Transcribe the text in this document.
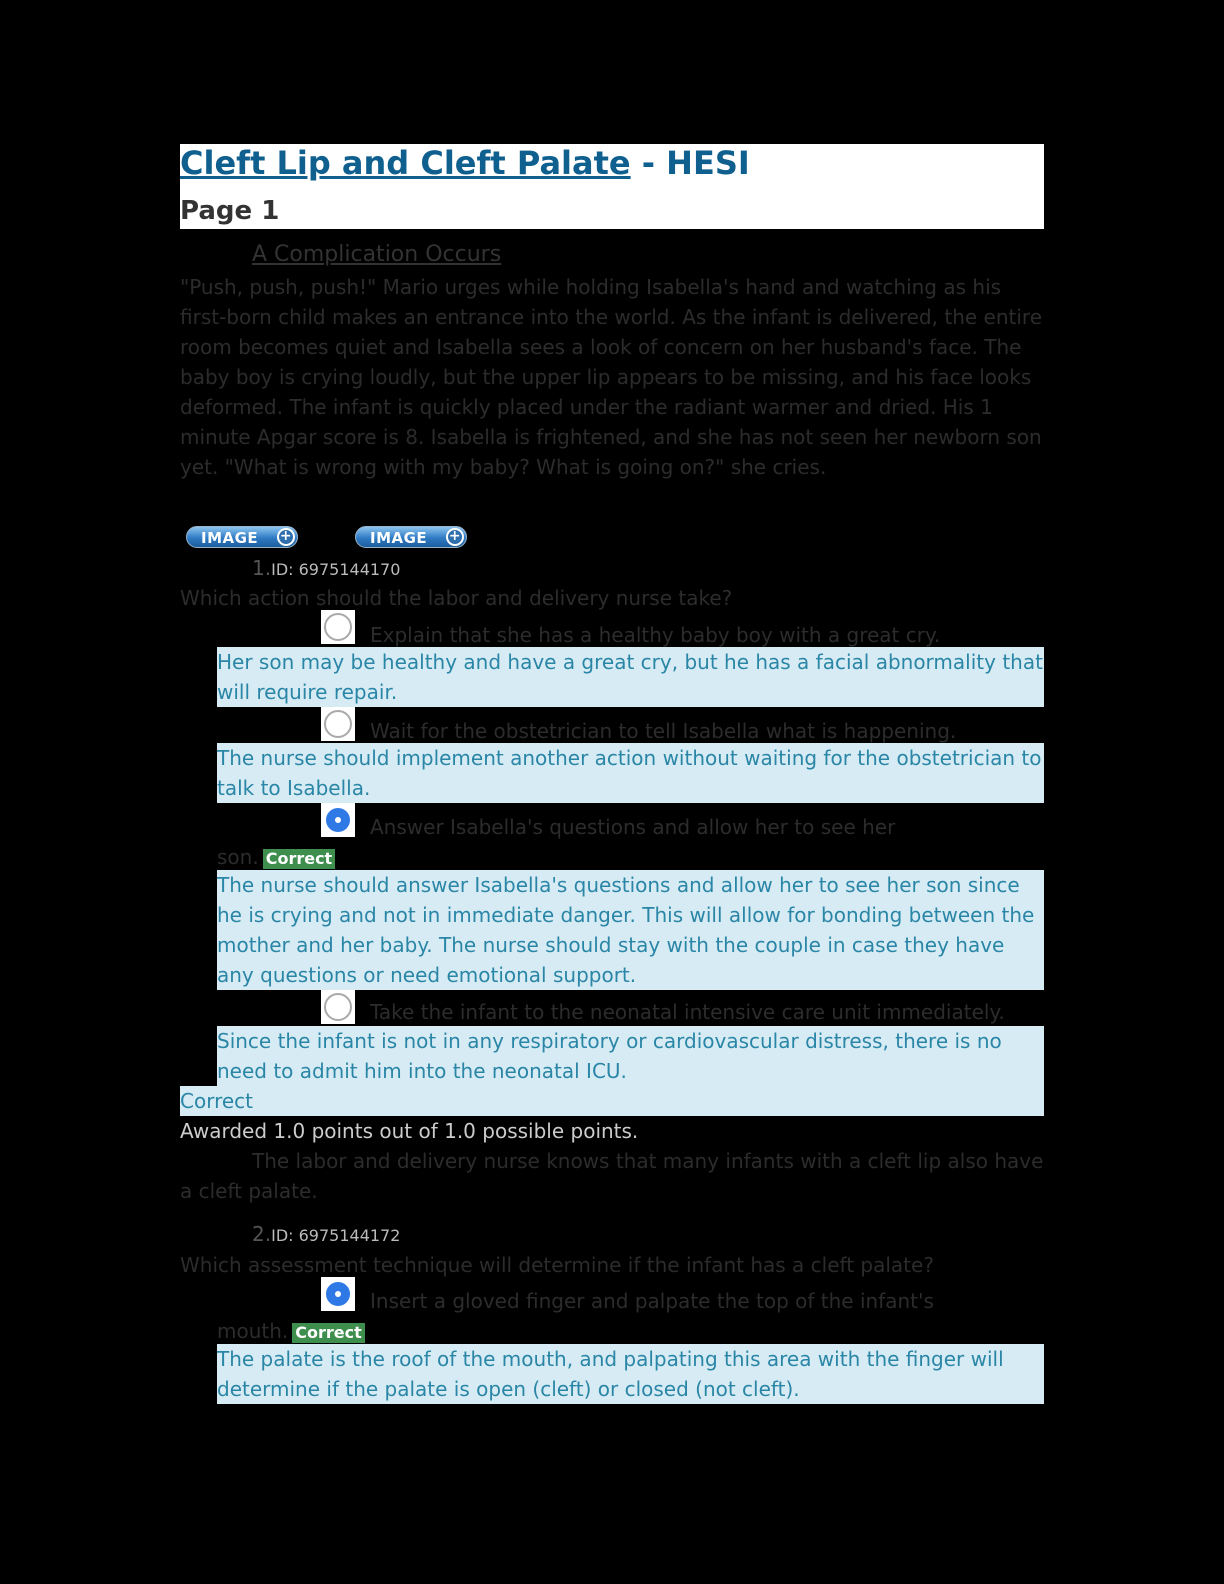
Cleft Lip and Cleft Palate - HESI
Page 1
A Complication Occurs
"Push, push, push!" Mario urges while holding Isabella's hand and watching as his first-born child makes an entrance into the world. As the infant is delivered, the entire room becomes quiet and Isabella sees a look of concern on her husband's face. The baby boy is crying loudly, but the upper lip appears to be missing, and his face looks deformed. The infant is quickly placed under the radiant warmer and dried. His 1 minute Apgar score is 8. Isabella is frightened, and she has not seen her newborn son yet. "What is wrong with my baby? What is going on?" she cries.
IMAGE +	IMAGE +
1.ID: 6975144170
Which action should the labor and delivery nurse take?
Explain that she has a healthy baby boy with a great cry.
Her son may be healthy and have a great cry, but he has a facial abnormality that will require repair.
Wait for the obstetrician to tell Isabella what is happening.
The nurse should implement another action without waiting for the obstetrician to talk to Isabella.
Answer Isabella's questions and allow her to see her
son. Correct
The nurse should answer Isabella's questions and allow her to see her son since he is crying and not in immediate danger. This will allow for bonding between the mother and her baby. The nurse should stay with the couple in case they have any questions or need emotional support.
Take the infant to the neonatal intensive care unit immediately.
Since the infant is not in any respiratory or cardiovascular distress, there is no need to admit him into the neonatal ICU.
Correct
Awarded 1.0 points out of 1.0 possible points.
The labor and delivery nurse knows that many infants with a cleft lip also have a cleft palate.
2.ID: 6975144172
Which assessment technique will determine if the infant has a cleft palate?
Insert a gloved finger and palpate the top of the infant's
mouth. Correct
The palate is the roof of the mouth, and palpating this area with the finger will determine if the palate is open (cleft) or closed (not cleft).
